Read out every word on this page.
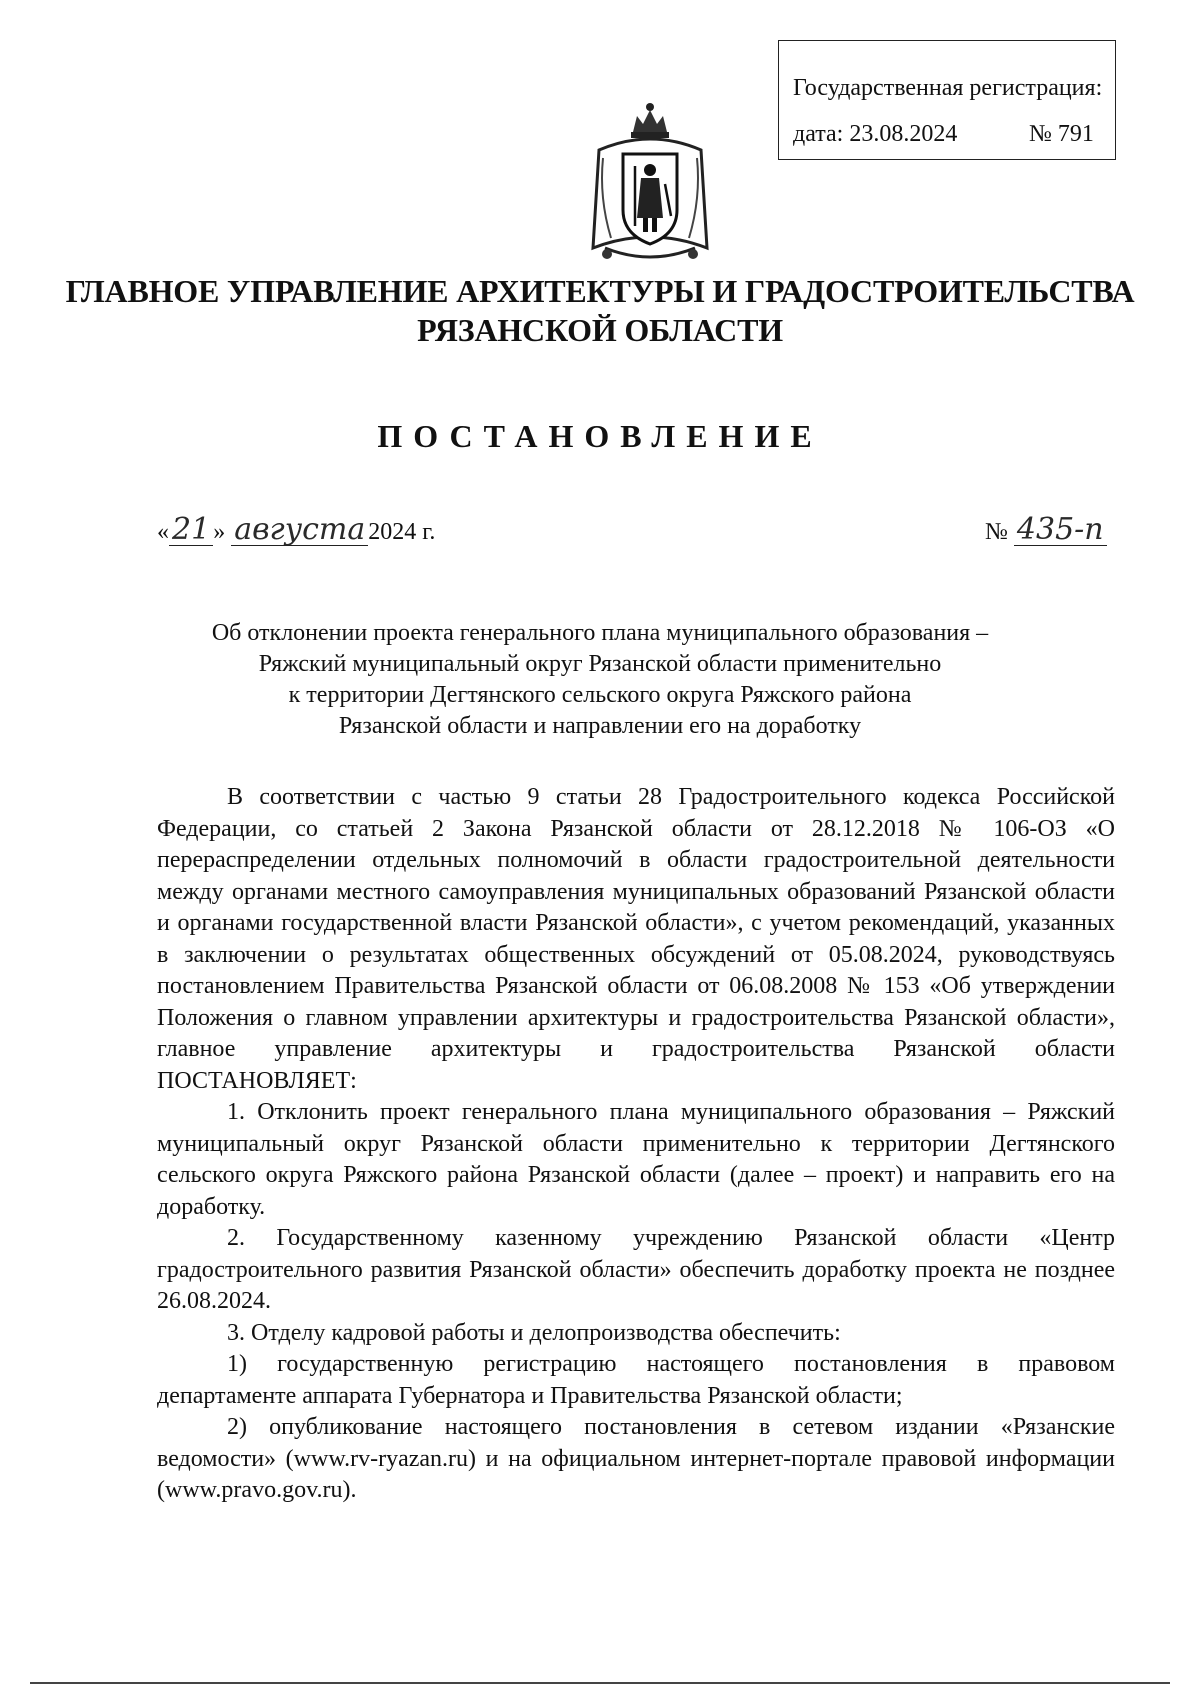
Государственная регистрация:
дата: 23.08.2024	№ 791
ГЛАВНОЕ УПРАВЛЕНИЕ АРХИТЕКТУРЫ И ГРАДОСТРОИТЕЛЬСТВА
РЯЗАНСКОЙ ОБЛАСТИ
ПОСТАНОВЛЕНИЕ
« 21 » августа 2024 г.	№ 435-п
Об отклонении проекта генерального плана муниципального образования –
Ряжский муниципальный округ Рязанской области применительно
к территории Дегтянского сельского округа Ряжского района
Рязанской области и направлении его на доработку

В соответствии с частью 9 статьи 28 Градостроительного кодекса Российской Федерации, со статьей 2 Закона Рязанской области от 28.12.2018 № 106-ОЗ «О перераспределении отдельных полномочий в области градостроительной деятельности между органами местного самоуправления муниципальных образований Рязанской области и органами государственной власти Рязанской области», с учетом рекомендаций, указанных в заключении о результатах общественных обсуждений от 05.08.2024, руководствуясь постановлением Правительства Рязанской области от 06.08.2008 № 153 «Об утверждении Положения о главном управлении архитектуры и градостроительства Рязанской области», главное управление архитектуры и градостроительства Рязанской области ПОСТАНОВЛЯЕТ:

1. Отклонить проект генерального плана муниципального образования – Ряжский муниципальный округ Рязанской области применительно к территории Дегтянского сельского округа Ряжского района Рязанской области (далее – проект) и направить его на доработку.

2. Государственному казенному учреждению Рязанской области «Центр градостроительного развития Рязанской области» обеспечить доработку проекта не позднее 26.08.2024.

3. Отделу кадровой работы и делопроизводства обеспечить:

1) государственную регистрацию настоящего постановления в правовом департаменте аппарата Губернатора и Правительства Рязанской области;

2) опубликование настоящего постановления в сетевом издании «Рязанские ведомости» (www.rv-ryazan.ru) и на официальном интернет-портале правовой информации (www.pravo.gov.ru).
